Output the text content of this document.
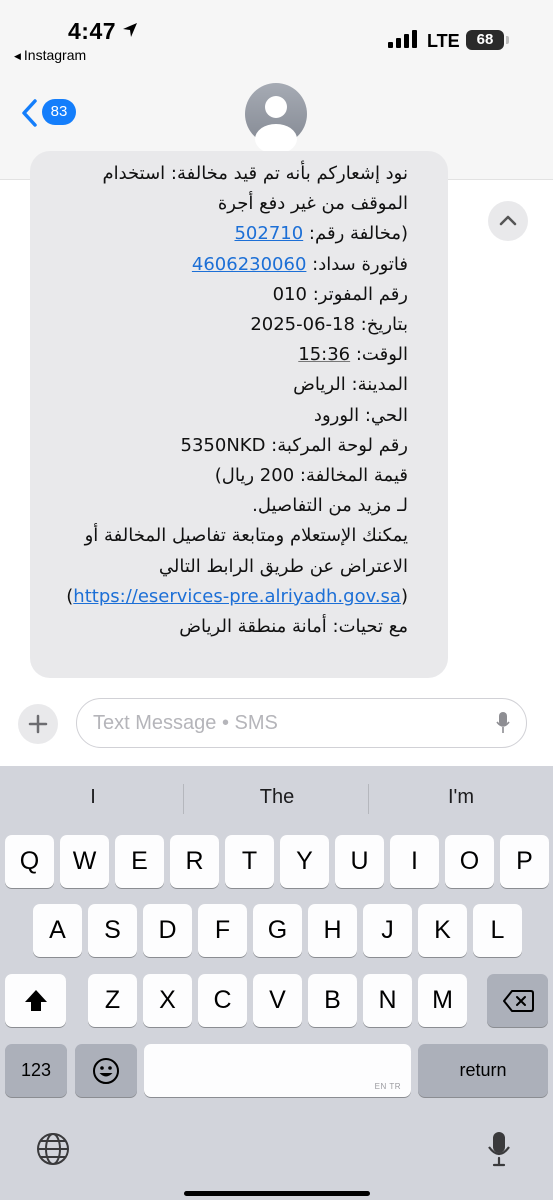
4:47
◀ Instagram
LTE	68
83
نود إشعاركم بأنه تم قيد مخالفة: استخدام
الموقف من غير دفع أجرة
(مخالفة رقم: 502710
فاتورة سداد: 4606230060
رقم المفوتر: 010
بتاريخ: 18-06-2025
الوقت: 15:36
المدينة: الرياض
الحي: الورود
رقم لوحة المركبة: 5350NKD
قيمة المخالفة: 200 ريال)
لـ مزيد من التفاصيل.
يمكنك الإستعلام ومتابعة تفاصيل المخالفة أو
الاعتراض عن طريق الرابط التالي
(https://eservices-pre.alriyadh.gov.sa)
مع تحيات: أمانة منطقة الرياض
Text Message • SMS
I	The	I'm
Q	W	E	R	T	Y	U	I	O	P
A	S	D	F	G	H	J	K	L
Z	X	C	V	B	N	M
123
EN TR
return
